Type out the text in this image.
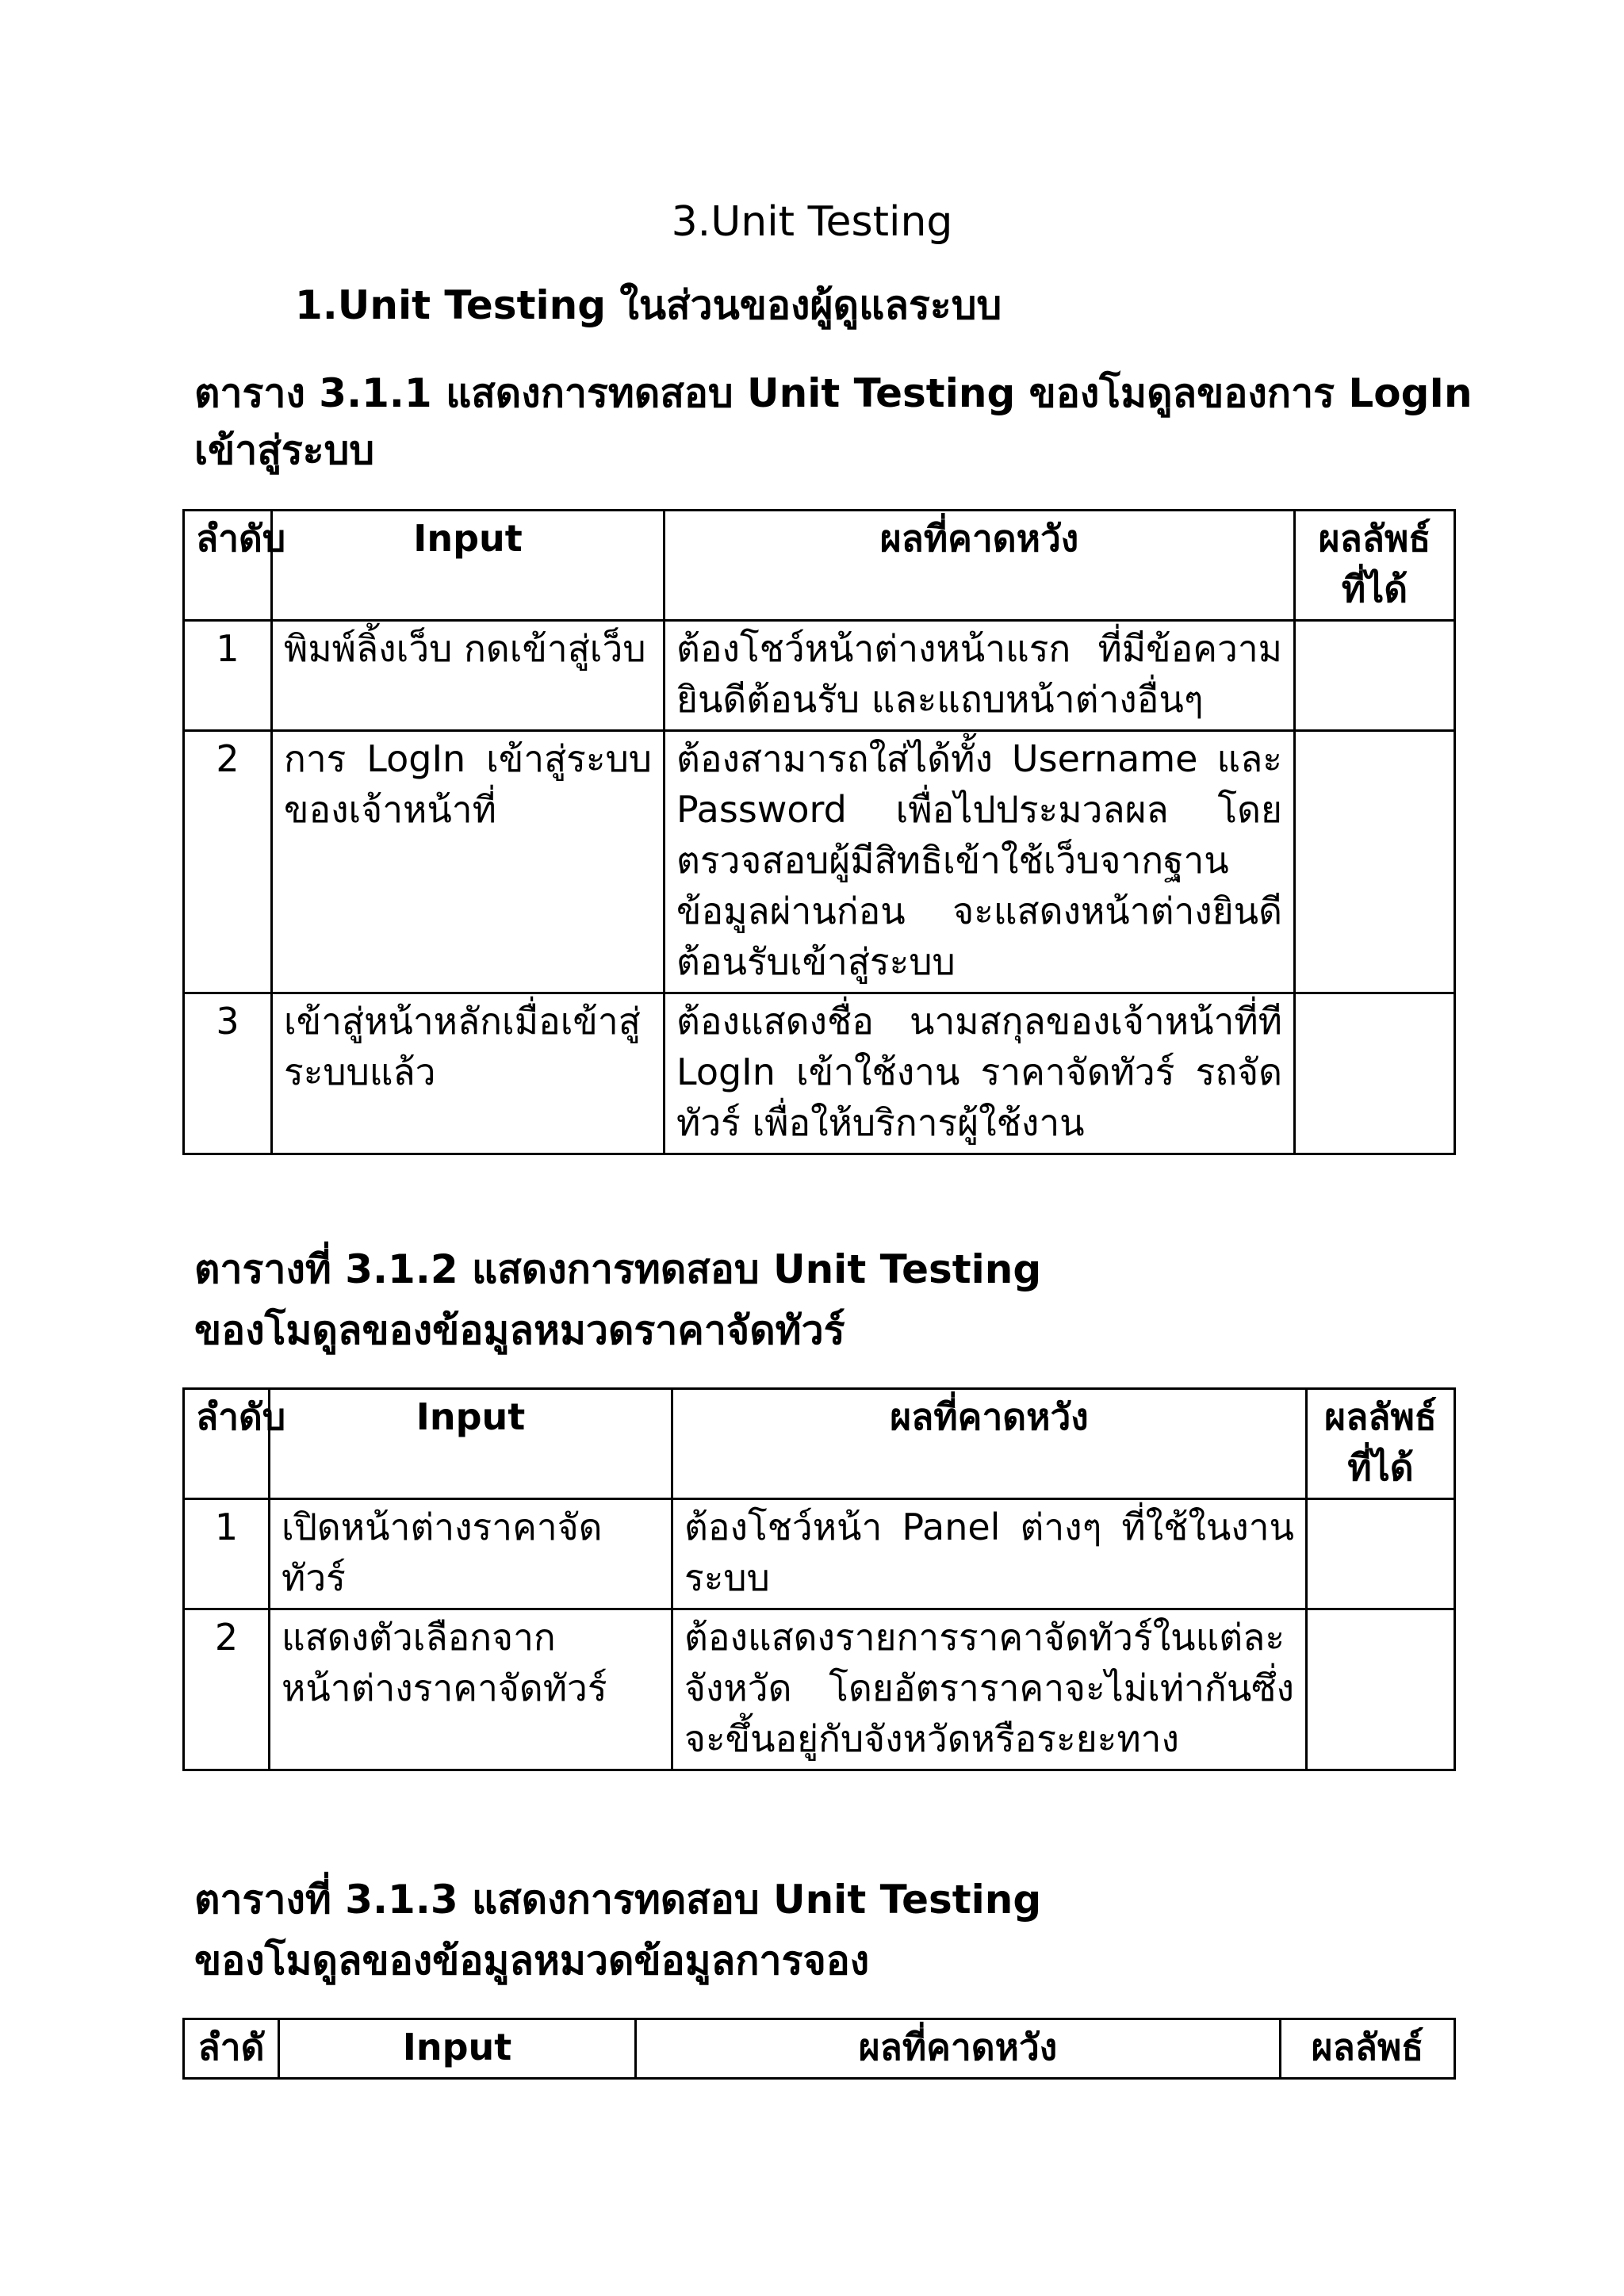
3.Unit Testing
1.Unit Testing ในส่วนของผู้ดูแลระบบ
ตาราง 3.1.1 แสดงการทดสอบ Unit Testing ของโมดูลของการ LogIn
เข้าสู่ระบบ
ลำดับ	Input	ผลที่คาดหวัง	ผลลัพธ์ที่ได้
1	พิมพ์ลิ้งเว็บ กดเข้าสู่เว็บ	ต้องโชว์หน้าต่างหน้าแรก ที่มีข้อความยินดีต้อนรับ และแถบหน้าต่างอื่นๆ	
2	การ LogIn เข้าสู่ระบบของเจ้าหน้าที่	ต้องสามารถใส่ได้ทั้ง Username และ Password เพื่อไปประมวลผล โดยตรวจสอบผู้มีสิทธิเข้าใช้เว็บจากฐานข้อมูลผ่านก่อน จะแสดงหน้าต่างยินดีต้อนรับเข้าสู่ระบบ	
3	เข้าสู่หน้าหลักเมื่อเข้าสู่ระบบแล้ว	ต้องแสดงชื่อ นามสกุลของเจ้าหน้าที่ที LogIn เข้าใช้งาน ราคาจัดทัวร์ รถจัดทัวร์ เพื่อให้บริการผู้ใช้งาน	
ตารางที่ 3.1.2 แสดงการทดสอบ Unit Testing
ของโมดูลของข้อมูลหมวดราคาจัดทัวร์
ลำดับ	Input	ผลที่คาดหวัง	ผลลัพธ์ที่ได้
1	เปิดหน้าต่างราคาจัดทัวร์	ต้องโชว์หน้า Panel ต่างๆ ที่ใช้ในงานระบบ	
2	แสดงตัวเลือกจากหน้าต่างราคาจัดทัวร์	ต้องแสดงรายการราคาจัดทัวร์ในแต่ละจังหวัด โดยอัตราราคาจะไม่เท่ากันซึ่งจะขึ้นอยู่กับจังหวัดหรือระยะทาง	
ตารางที่ 3.1.3 แสดงการทดสอบ Unit Testing
ของโมดูลของข้อมูลหมวดข้อมูลการจอง
ลำดั	Input	ผลที่คาดหวัง	ผลลัพธ์
